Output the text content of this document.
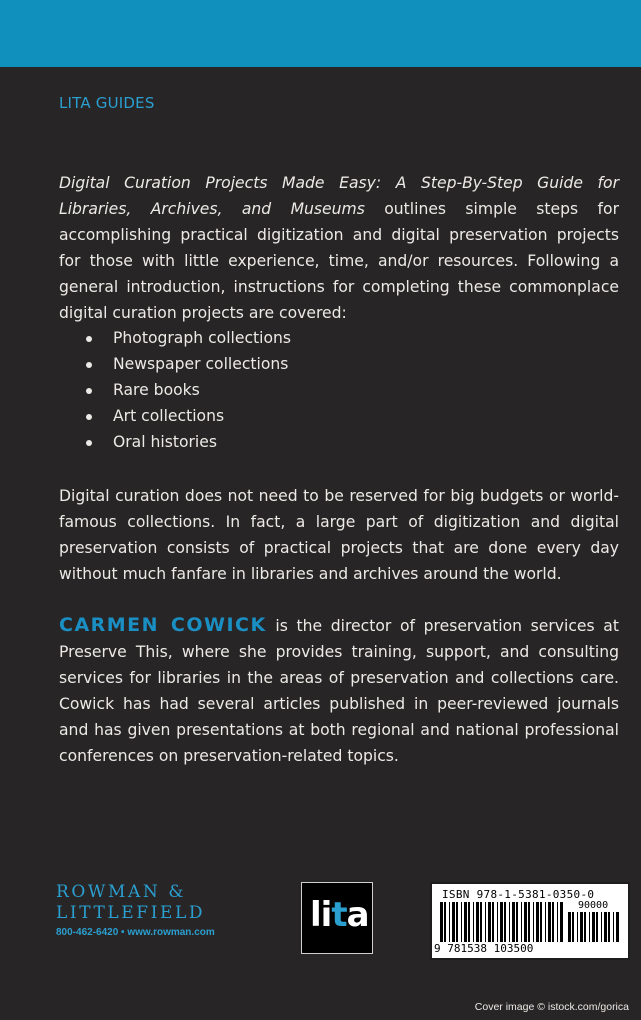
LITA GUIDES

Digital Curation Projects Made Easy: A Step-By-Step Guide for Libraries, Archives, and Museums outlines simple steps for accomplishing practical digitization and digital preservation projects for those with little experience, time, and/or resources. Following a general introduction, instructions for completing these commonplace digital curation projects are covered:

Photograph collections
Newspaper collections
Rare books
Art collections
Oral histories

Digital curation does not need to be reserved for big budgets or world-famous collections. In fact, a large part of digitization and digital preservation consists of practical projects that are done every day without much fanfare in libraries and archives around the world.

CARMEN COWICK is the director of preservation services at Preserve This, where she provides training, support, and consulting services for libraries in the areas of preservation and collections care. Cowick has had several articles published in peer-reviewed journals and has given presentations at both regional and national professional conferences on preservation-related topics.

ROWMAN &
LITTLEFIELD
800-462-6420 • www.rowman.com	lita
ISBN 978-1-5381-0350-0
9 781538 103500
90000
Cover image © istock.com/gorica
